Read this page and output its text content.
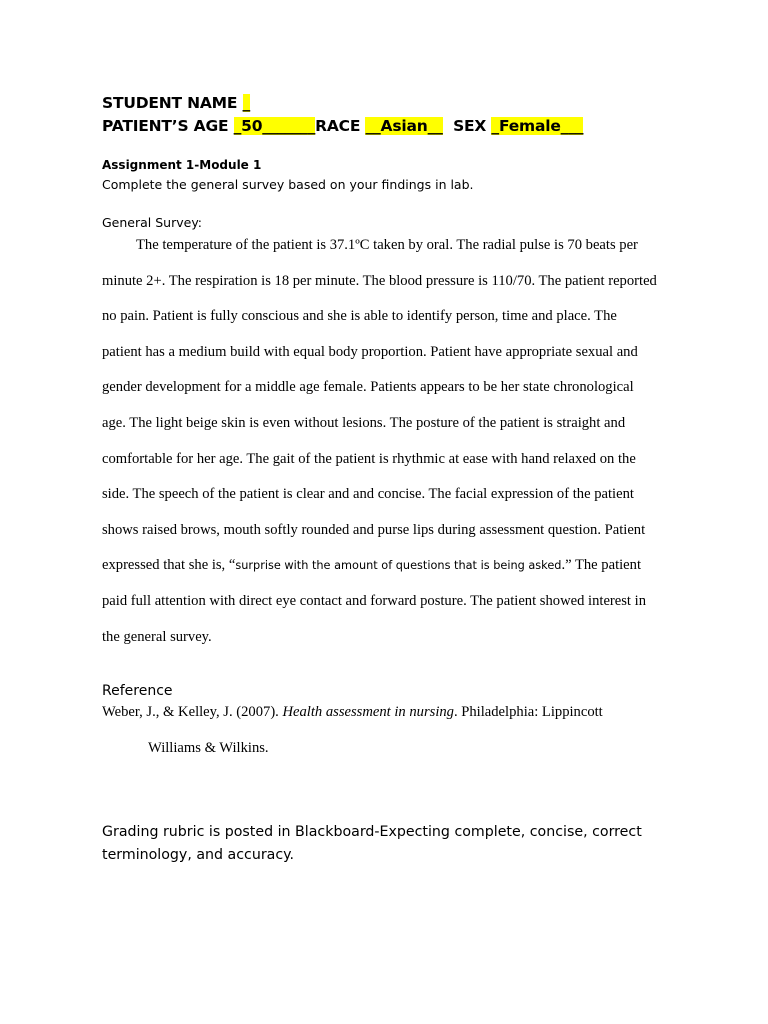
STUDENT NAME _
PATIENT’S AGE _50_______RACE __Asian__ SEX _Female___
Assignment 1-Module 1
Complete the general survey based on your findings in lab.
General Survey:
The temperature of the patient is 37.1ºC taken by oral. The radial pulse is 70 beats per
minute 2+. The respiration is 18 per minute. The blood pressure is 110/70. The patient reported
no pain. Patient is fully conscious and she is able to identify person, time and place. The
patient has a medium build with equal body proportion. Patient have appropriate sexual and
gender development for a middle age female. Patients appears to be her state chronological
age. The light beige skin is even without lesions. The posture of the patient is straight and
comfortable for her age. The gait of the patient is rhythmic at ease with hand relaxed on the
side. The speech of the patient is clear and and concise. The facial expression of the patient
shows raised brows, mouth softly rounded and purse lips during assessment question. Patient
expressed that she is, “surprise with the amount of questions that is being asked.” The patient
paid full attention with direct eye contact and forward posture. The patient showed interest in
the general survey.
Reference
Weber, J., & Kelley, J. (2007). Health assessment in nursing. Philadelphia: Lippincott
Williams & Wilkins.
Grading rubric is posted in Blackboard-Expecting complete, concise, correct terminology, and accuracy.
